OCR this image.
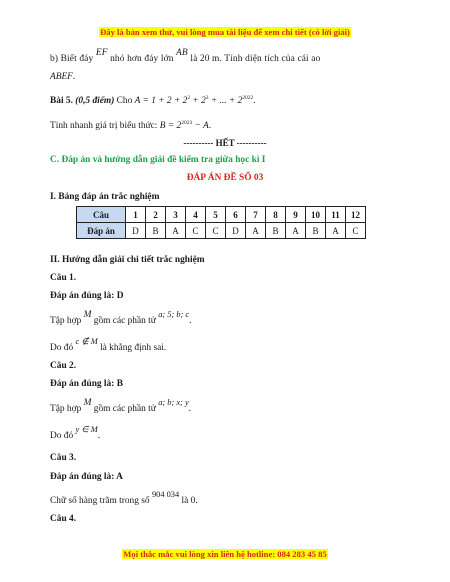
Đây là bản xem thử, vui lòng mua tài liệu để xem chi tiết (có lời giải)
b) Biết đáy EF nhỏ hơn đáy lớn AB là 20 m. Tính diện tích của cái ao
ABEF.
Bài 5. (0,5 điểm) Cho $A = 1 + 2 + 2^2 + 2^3$ + ... + $2^{2022}$.
Tính nhanh giá trị biểu thức: $B = 2^{2023} - A$.
---------- HẾT ----------
C. Đáp án và hướng dẫn giải đề kiểm tra giữa học kì I
ĐÁP ÁN ĐỀ SỐ 03
I. Bảng đáp án trắc nghiệm
Câu	1	2	3	4	5	6	7	8	9	10	11	12
Đáp án	D	B	A	C	C	D	A	B	A	B	A	C
II. Hướng dẫn giải chi tiết trắc nghiệm
Câu 1.
Đáp án đúng là: D
Tập hợp M gồm các phần tử a; 5; b; c.
Do đó c ∉ M là khẳng định sai.
Câu 2.
Đáp án đúng là: B
Tập hợp M gồm các phần tử a; b; x; y.
Do đó y ∈ M.
Câu 3.
Đáp án đúng là: A
Chữ số hàng trăm trong số 904 034 là 0.
Câu 4.
Mọi thắc mắc vui lòng xin liên hệ hotline: 084 283 45 85
